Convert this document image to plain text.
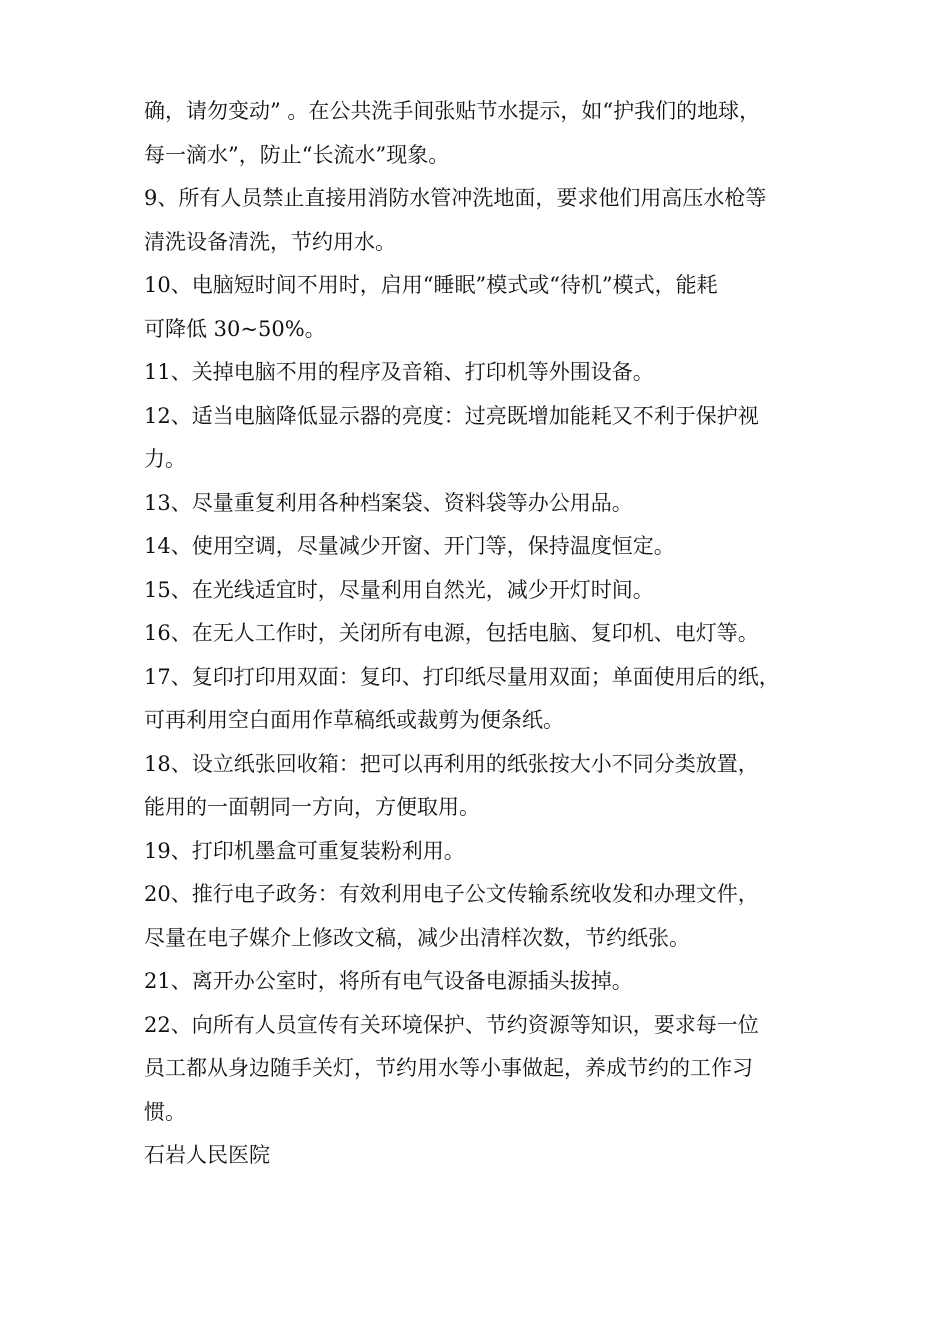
确，请勿变动” 。在公共洗手间张贴节水提示，如“护我们的地球，

每一滴水”，防止“长流水”现象。

9、所有人员禁止直接用消防水管冲洗地面，要求他们用高压水枪等

清洗设备清洗，节约用水。

10、电脑短时间不用时，启用“睡眠”模式或“待机”模式，能耗

可降低 30~50%。

11、关掉电脑不用的程序及音箱、打印机等外围设备。

12、适当电脑降低显示器的亮度：过亮既增加能耗又不利于保护视

力。

13、尽量重复利用各种档案袋、资料袋等办公用品。

14、使用空调，尽量减少开窗、开门等，保持温度恒定。

15、在光线适宜时，尽量利用自然光，减少开灯时间。

16、在无人工作时，关闭所有电源，包括电脑、复印机、电灯等。

17、复印打印用双面：复印、打印纸尽量用双面；单面使用后的纸，

可再利用空白面用作草稿纸或裁剪为便条纸。

18、设立纸张回收箱：把可以再利用的纸张按大小不同分类放置，

能用的一面朝同一方向，方便取用。

19、打印机墨盒可重复装粉利用。

20、推行电子政务：有效利用电子公文传输系统收发和办理文件，

尽量在电子媒介上修改文稿，减少出清样次数，节约纸张。

21、离开办公室时，将所有电气设备电源插头拔掉。

22、向所有人员宣传有关环境保护、节约资源等知识，要求每一位

员工都从身边随手关灯，节约用水等小事做起，养成节约的工作习

惯。

石岩人民医院
